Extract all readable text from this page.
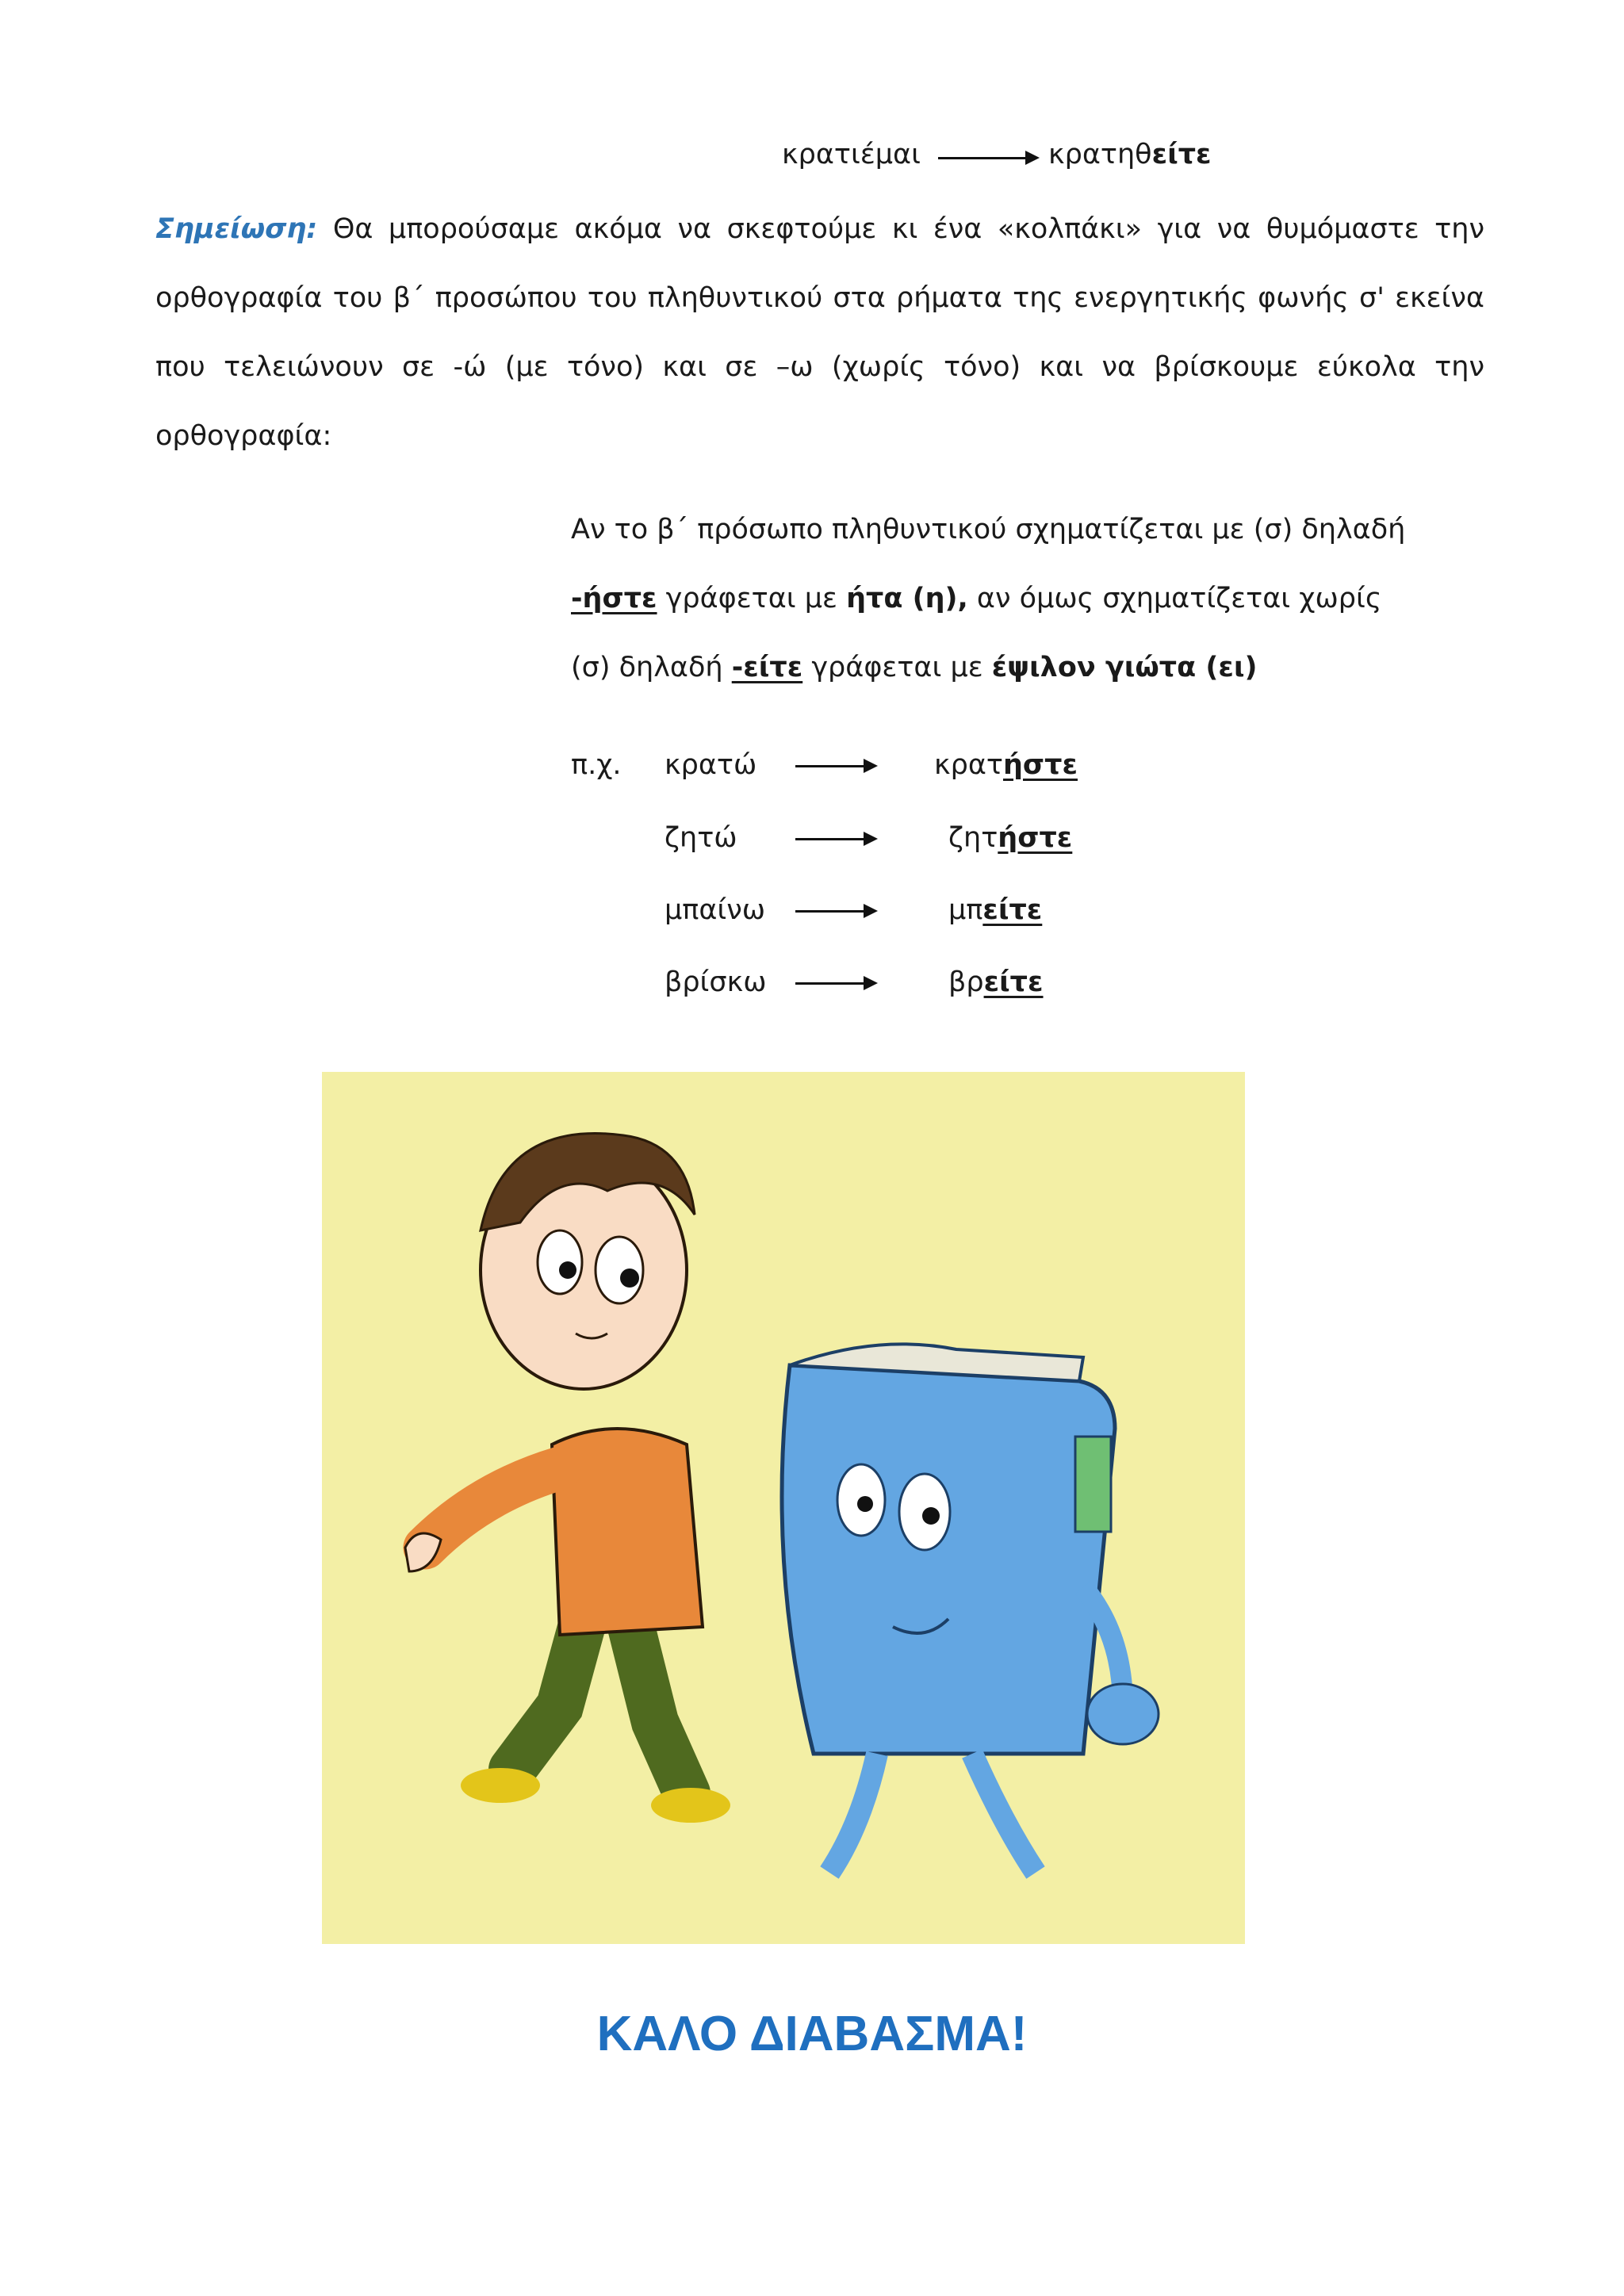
κρατιέμαι	κρατηθείτε
Σημείωση: Θα μπορούσαμε ακόμα να σκεφτούμε κι ένα «κολπάκι» για να θυμόμαστε την ορθογραφία του β΄ προσώπου του πληθυντικού στα ρήματα της ενεργητικής φωνής σ' εκείνα που τελειώνουν σε -ώ (με τόνο) και σε –ω (χωρίς τόνο) και να βρίσκουμε εύκολα την ορθογραφία:
Αν το β΄ πρόσωπο πληθυντικού σχηματίζεται με (σ) δηλαδή
-ήστε γράφεται με ήτα (η), αν όμως σχηματίζεται χωρίς
(σ) δηλαδή -είτε γράφεται με έψιλον γιώτα (ει)
π.χ. κρατώ	κρατήστε
ζητώ	ζητήστε
μπαίνω	μπείτε
βρίσκω	βρείτε
ΚΑΛΟ ΔΙΑΒΑΣΜΑ!
